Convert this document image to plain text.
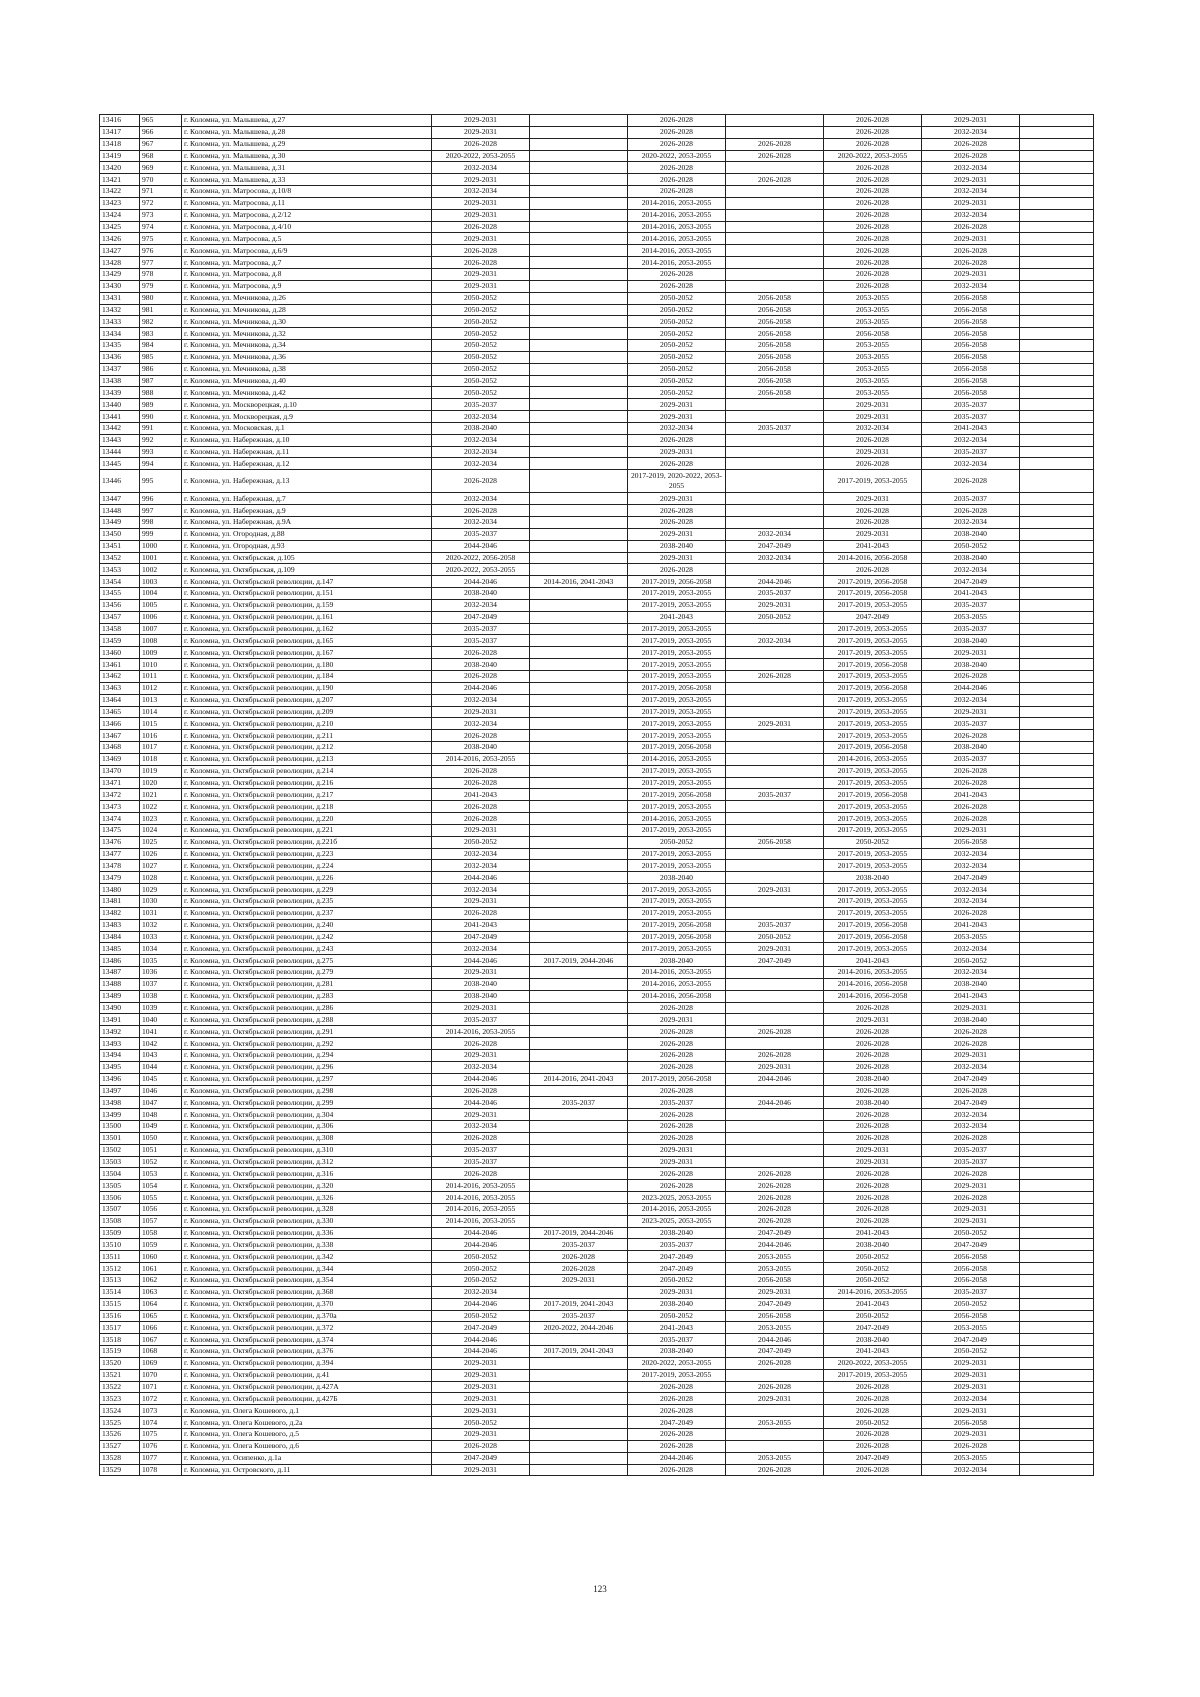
13416	965	г. Коломна, ул. Малышева, д.27	2029-2031		2026-2028		2026-2028	2029-2031	
13417	966	г. Коломна, ул. Малышева, д.28	2029-2031		2026-2028		2026-2028	2032-2034	
13418	967	г. Коломна, ул. Малышева, д.29	2026-2028		2026-2028	2026-2028	2026-2028	2026-2028	
13419	968	г. Коломна, ул. Малышева, д.30	2020-2022, 2053-2055		2020-2022, 2053-2055	2026-2028	2020-2022, 2053-2055	2026-2028	
13420	969	г. Коломна, ул. Малышева, д.31	2032-2034		2026-2028		2026-2028	2032-2034	
13421	970	г. Коломна, ул. Малышева, д.33	2029-2031		2026-2028	2026-2028	2026-2028	2029-2031	
13422	971	г. Коломна, ул. Матросова, д.10/8	2032-2034		2026-2028		2026-2028	2032-2034	
13423	972	г. Коломна, ул. Матросова, д.11	2029-2031		2014-2016, 2053-2055		2026-2028	2029-2031	
13424	973	г. Коломна, ул. Матросова, д.2/12	2029-2031		2014-2016, 2053-2055		2026-2028	2032-2034	
13425	974	г. Коломна, ул. Матросова, д.4/10	2026-2028		2014-2016, 2053-2055		2026-2028	2026-2028	
13426	975	г. Коломна, ул. Матросова, д.5	2029-2031		2014-2016, 2053-2055		2026-2028	2029-2031	
13427	976	г. Коломна, ул. Матросова, д.6/9	2026-2028		2014-2016, 2053-2055		2026-2028	2026-2028	
13428	977	г. Коломна, ул. Матросова, д.7	2026-2028		2014-2016, 2053-2055		2026-2028	2026-2028	
13429	978	г. Коломна, ул. Матросова, д.8	2029-2031		2026-2028		2026-2028	2029-2031	
13430	979	г. Коломна, ул. Матросова, д.9	2029-2031		2026-2028		2026-2028	2032-2034	
13431	980	г. Коломна, ул. Мечникова, д.26	2050-2052		2050-2052	2056-2058	2053-2055	2056-2058	
13432	981	г. Коломна, ул. Мечникова, д.28	2050-2052		2050-2052	2056-2058	2053-2055	2056-2058	
13433	982	г. Коломна, ул. Мечникова, д.30	2050-2052		2050-2052	2056-2058	2053-2055	2056-2058	
13434	983	г. Коломна, ул. Мечникова, д.32	2050-2052		2050-2052	2056-2058	2056-2058	2056-2058	
13435	984	г. Коломна, ул. Мечникова, д.34	2050-2052		2050-2052	2056-2058	2053-2055	2056-2058	
13436	985	г. Коломна, ул. Мечникова, д.36	2050-2052		2050-2052	2056-2058	2053-2055	2056-2058	
13437	986	г. Коломна, ул. Мечникова, д.38	2050-2052		2050-2052	2056-2058	2053-2055	2056-2058	
13438	987	г. Коломна, ул. Мечникова, д.40	2050-2052		2050-2052	2056-2058	2053-2055	2056-2058	
13439	988	г. Коломна, ул. Мечникова, д.42	2050-2052		2050-2052	2056-2058	2053-2055	2056-2058	
13440	989	г. Коломна, ул. Москворецкая, д.10	2035-2037		2029-2031		2029-2031	2035-2037	
13441	990	г. Коломна, ул. Москворецкая, д.9	2032-2034		2029-2031		2029-2031	2035-2037	
13442	991	г. Коломна, ул. Московская, д.1	2038-2040		2032-2034	2035-2037	2032-2034	2041-2043	
13443	992	г. Коломна, ул. Набережная, д.10	2032-2034		2026-2028		2026-2028	2032-2034	
13444	993	г. Коломна, ул. Набережная, д.11	2032-2034		2029-2031		2029-2031	2035-2037	
13445	994	г. Коломна, ул. Набережная, д.12	2032-2034		2026-2028		2026-2028	2032-2034	
13446	995	г. Коломна, ул. Набережная, д.13	2026-2028		2017-2019, 2020-2022, 2053-2055		2017-2019, 2053-2055	2026-2028	
13447	996	г. Коломна, ул. Набережная, д.7	2032-2034		2029-2031		2029-2031	2035-2037	
13448	997	г. Коломна, ул. Набережная, д.9	2026-2028		2026-2028		2026-2028	2026-2028	
13449	998	г. Коломна, ул. Набережная, д.9А	2032-2034		2026-2028		2026-2028	2032-2034	
13450	999	г. Коломна, ул. Огородная, д.88	2035-2037		2029-2031	2032-2034	2029-2031	2038-2040	
13451	1000	г. Коломна, ул. Огородная, д.93	2044-2046		2038-2040	2047-2049	2041-2043	2050-2052	
13452	1001	г. Коломна, ул. Октябрьская, д.105	2020-2022, 2056-2058		2029-2031	2032-2034	2014-2016, 2056-2058	2038-2040	
13453	1002	г. Коломна, ул. Октябрьская, д.109	2020-2022, 2053-2055		2026-2028		2026-2028	2032-2034	
13454	1003	г. Коломна, ул. Октябрьской революции, д.147	2044-2046	2014-2016, 2041-2043	2017-2019, 2056-2058	2044-2046	2017-2019, 2056-2058	2047-2049	
13455	1004	г. Коломна, ул. Октябрьской революции, д.151	2038-2040		2017-2019, 2053-2055	2035-2037	2017-2019, 2056-2058	2041-2043	
13456	1005	г. Коломна, ул. Октябрьской революции, д.159	2032-2034		2017-2019, 2053-2055	2029-2031	2017-2019, 2053-2055	2035-2037	
13457	1006	г. Коломна, ул. Октябрьской революции, д.161	2047-2049		2041-2043	2050-2052	2047-2049	2053-2055	
13458	1007	г. Коломна, ул. Октябрьской революции, д.162	2035-2037		2017-2019, 2053-2055		2017-2019, 2053-2055	2035-2037	
13459	1008	г. Коломна, ул. Октябрьской революции, д.165	2035-2037		2017-2019, 2053-2055	2032-2034	2017-2019, 2053-2055	2038-2040	
13460	1009	г. Коломна, ул. Октябрьской революции, д.167	2026-2028		2017-2019, 2053-2055		2017-2019, 2053-2055	2029-2031	
13461	1010	г. Коломна, ул. Октябрьской революции, д.180	2038-2040		2017-2019, 2053-2055		2017-2019, 2056-2058	2038-2040	
13462	1011	г. Коломна, ул. Октябрьской революции, д.184	2026-2028		2017-2019, 2053-2055	2026-2028	2017-2019, 2053-2055	2026-2028	
13463	1012	г. Коломна, ул. Октябрьской революции, д.190	2044-2046		2017-2019, 2056-2058		2017-2019, 2056-2058	2044-2046	
13464	1013	г. Коломна, ул. Октябрьской революции, д.207	2032-2034		2017-2019, 2053-2055		2017-2019, 2053-2055	2032-2034	
13465	1014	г. Коломна, ул. Октябрьской революции, д.209	2029-2031		2017-2019, 2053-2055		2017-2019, 2053-2055	2029-2031	
13466	1015	г. Коломна, ул. Октябрьской революции, д.210	2032-2034		2017-2019, 2053-2055	2029-2031	2017-2019, 2053-2055	2035-2037	
13467	1016	г. Коломна, ул. Октябрьской революции, д.211	2026-2028		2017-2019, 2053-2055		2017-2019, 2053-2055	2026-2028	
13468	1017	г. Коломна, ул. Октябрьской революции, д.212	2038-2040		2017-2019, 2056-2058		2017-2019, 2056-2058	2038-2040	
13469	1018	г. Коломна, ул. Октябрьской революции, д.213	2014-2016, 2053-2055		2014-2016, 2053-2055		2014-2016, 2053-2055	2035-2037	
13470	1019	г. Коломна, ул. Октябрьской революции, д.214	2026-2028		2017-2019, 2053-2055		2017-2019, 2053-2055	2026-2028	
13471	1020	г. Коломна, ул. Октябрьской революции, д.216	2026-2028		2017-2019, 2053-2055		2017-2019, 2053-2055	2026-2028	
13472	1021	г. Коломна, ул. Октябрьской революции, д.217	2041-2043		2017-2019, 2056-2058	2035-2037	2017-2019, 2056-2058	2041-2043	
13473	1022	г. Коломна, ул. Октябрьской революции, д.218	2026-2028		2017-2019, 2053-2055		2017-2019, 2053-2055	2026-2028	
13474	1023	г. Коломна, ул. Октябрьской революции, д.220	2026-2028		2014-2016, 2053-2055		2017-2019, 2053-2055	2026-2028	
13475	1024	г. Коломна, ул. Октябрьской революции, д.221	2029-2031		2017-2019, 2053-2055		2017-2019, 2053-2055	2029-2031	
13476	1025	г. Коломна, ул. Октябрьской революции, д.221б	2050-2052		2050-2052	2056-2058	2050-2052	2056-2058	
13477	1026	г. Коломна, ул. Октябрьской революции, д.223	2032-2034		2017-2019, 2053-2055		2017-2019, 2053-2055	2032-2034	
13478	1027	г. Коломна, ул. Октябрьской революции, д.224	2032-2034		2017-2019, 2053-2055		2017-2019, 2053-2055	2032-2034	
13479	1028	г. Коломна, ул. Октябрьской революции, д.226	2044-2046		2038-2040		2038-2040	2047-2049	
13480	1029	г. Коломна, ул. Октябрьской революции, д.229	2032-2034		2017-2019, 2053-2055	2029-2031	2017-2019, 2053-2055	2032-2034	
13481	1030	г. Коломна, ул. Октябрьской революции, д.235	2029-2031		2017-2019, 2053-2055		2017-2019, 2053-2055	2032-2034	
13482	1031	г. Коломна, ул. Октябрьской революции, д.237	2026-2028		2017-2019, 2053-2055		2017-2019, 2053-2055	2026-2028	
13483	1032	г. Коломна, ул. Октябрьской революции, д.240	2041-2043		2017-2019, 2056-2058	2035-2037	2017-2019, 2056-2058	2041-2043	
13484	1033	г. Коломна, ул. Октябрьской революции, д.242	2047-2049		2017-2019, 2056-2058	2050-2052	2017-2019, 2056-2058	2053-2055	
13485	1034	г. Коломна, ул. Октябрьской революции, д.243	2032-2034		2017-2019, 2053-2055	2029-2031	2017-2019, 2053-2055	2032-2034	
13486	1035	г. Коломна, ул. Октябрьской революции, д.275	2044-2046	2017-2019, 2044-2046	2038-2040	2047-2049	2041-2043	2050-2052	
13487	1036	г. Коломна, ул. Октябрьской революции, д.279	2029-2031		2014-2016, 2053-2055		2014-2016, 2053-2055	2032-2034	
13488	1037	г. Коломна, ул. Октябрьской революции, д.281	2038-2040		2014-2016, 2053-2055		2014-2016, 2056-2058	2038-2040	
13489	1038	г. Коломна, ул. Октябрьской революции, д.283	2038-2040		2014-2016, 2056-2058		2014-2016, 2056-2058	2041-2043	
13490	1039	г. Коломна, ул. Октябрьской революции, д.286	2029-2031		2026-2028		2026-2028	2029-2031	
13491	1040	г. Коломна, ул. Октябрьской революции, д.288	2035-2037		2029-2031		2029-2031	2038-2040	
13492	1041	г. Коломна, ул. Октябрьской революции, д.291	2014-2016, 2053-2055		2026-2028	2026-2028	2026-2028	2026-2028	
13493	1042	г. Коломна, ул. Октябрьской революции, д.292	2026-2028		2026-2028		2026-2028	2026-2028	
13494	1043	г. Коломна, ул. Октябрьской революции, д.294	2029-2031		2026-2028	2026-2028	2026-2028	2029-2031	
13495	1044	г. Коломна, ул. Октябрьской революции, д.296	2032-2034		2026-2028	2029-2031	2026-2028	2032-2034	
13496	1045	г. Коломна, ул. Октябрьской революции, д.297	2044-2046	2014-2016, 2041-2043	2017-2019, 2056-2058	2044-2046	2038-2040	2047-2049	
13497	1046	г. Коломна, ул. Октябрьской революции, д.298	2026-2028		2026-2028		2026-2028	2026-2028	
13498	1047	г. Коломна, ул. Октябрьской революции, д.299	2044-2046	2035-2037	2035-2037	2044-2046	2038-2040	2047-2049	
13499	1048	г. Коломна, ул. Октябрьской революции, д.304	2029-2031		2026-2028		2026-2028	2032-2034	
13500	1049	г. Коломна, ул. Октябрьской революции, д.306	2032-2034		2026-2028		2026-2028	2032-2034	
13501	1050	г. Коломна, ул. Октябрьской революции, д.308	2026-2028		2026-2028		2026-2028	2026-2028	
13502	1051	г. Коломна, ул. Октябрьской революции, д.310	2035-2037		2029-2031		2029-2031	2035-2037	
13503	1052	г. Коломна, ул. Октябрьской революции, д.312	2035-2037		2029-2031		2029-2031	2035-2037	
13504	1053	г. Коломна, ул. Октябрьской революции, д.316	2026-2028		2026-2028	2026-2028	2026-2028	2026-2028	
13505	1054	г. Коломна, ул. Октябрьской революции, д.320	2014-2016, 2053-2055		2026-2028	2026-2028	2026-2028	2029-2031	
13506	1055	г. Коломна, ул. Октябрьской революции, д.326	2014-2016, 2053-2055		2023-2025, 2053-2055	2026-2028	2026-2028	2026-2028	
13507	1056	г. Коломна, ул. Октябрьской революции, д.328	2014-2016, 2053-2055		2014-2016, 2053-2055	2026-2028	2026-2028	2029-2031	
13508	1057	г. Коломна, ул. Октябрьской революции, д.330	2014-2016, 2053-2055		2023-2025, 2053-2055	2026-2028	2026-2028	2029-2031	
13509	1058	г. Коломна, ул. Октябрьской революции, д.336	2044-2046	2017-2019, 2044-2046	2038-2040	2047-2049	2041-2043	2050-2052	
13510	1059	г. Коломна, ул. Октябрьской революции, д.338	2044-2046	2035-2037	2035-2037	2044-2046	2038-2040	2047-2049	
13511	1060	г. Коломна, ул. Октябрьской революции, д.342	2050-2052	2026-2028	2047-2049	2053-2055	2050-2052	2056-2058	
13512	1061	г. Коломна, ул. Октябрьской революции, д.344	2050-2052	2026-2028	2047-2049	2053-2055	2050-2052	2056-2058	
13513	1062	г. Коломна, ул. Октябрьской революции, д.354	2050-2052	2029-2031	2050-2052	2056-2058	2050-2052	2056-2058	
13514	1063	г. Коломна, ул. Октябрьской революции, д.368	2032-2034		2029-2031	2029-2031	2014-2016, 2053-2055	2035-2037	
13515	1064	г. Коломна, ул. Октябрьской революции, д.370	2044-2046	2017-2019, 2041-2043	2038-2040	2047-2049	2041-2043	2050-2052	
13516	1065	г. Коломна, ул. Октябрьской революции, д.370а	2050-2052	2035-2037	2050-2052	2056-2058	2050-2052	2056-2058	
13517	1066	г. Коломна, ул. Октябрьской революции, д.372	2047-2049	2020-2022, 2044-2046	2041-2043	2053-2055	2047-2049	2053-2055	
13518	1067	г. Коломна, ул. Октябрьской революции, д.374	2044-2046		2035-2037	2044-2046	2038-2040	2047-2049	
13519	1068	г. Коломна, ул. Октябрьской революции, д.376	2044-2046	2017-2019, 2041-2043	2038-2040	2047-2049	2041-2043	2050-2052	
13520	1069	г. Коломна, ул. Октябрьской революции, д.394	2029-2031		2020-2022, 2053-2055	2026-2028	2020-2022, 2053-2055	2029-2031	
13521	1070	г. Коломна, ул. Октябрьской революции, д.41	2029-2031		2017-2019, 2053-2055		2017-2019, 2053-2055	2029-2031	
13522	1071	г. Коломна, ул. Октябрьской революции, д.427А	2029-2031		2026-2028	2026-2028	2026-2028	2029-2031	
13523	1072	г. Коломна, ул. Октябрьской революции, д.427Б	2029-2031		2026-2028	2029-2031	2026-2028	2032-2034	
13524	1073	г. Коломна, ул. Олега Кошевого, д.1	2029-2031		2026-2028		2026-2028	2029-2031	
13525	1074	г. Коломна, ул. Олега Кошевого, д.2а	2050-2052		2047-2049	2053-2055	2050-2052	2056-2058	
13526	1075	г. Коломна, ул. Олега Кошевого, д.5	2029-2031		2026-2028		2026-2028	2029-2031	
13527	1076	г. Коломна, ул. Олега Кошевого, д.6	2026-2028		2026-2028		2026-2028	2026-2028	
13528	1077	г. Коломна, ул. Осипенко, д.1а	2047-2049		2044-2046	2053-2055	2047-2049	2053-2055	
13529	1078	г. Коломна, ул. Островского, д.11	2029-2031		2026-2028	2026-2028	2026-2028	2032-2034	
123
